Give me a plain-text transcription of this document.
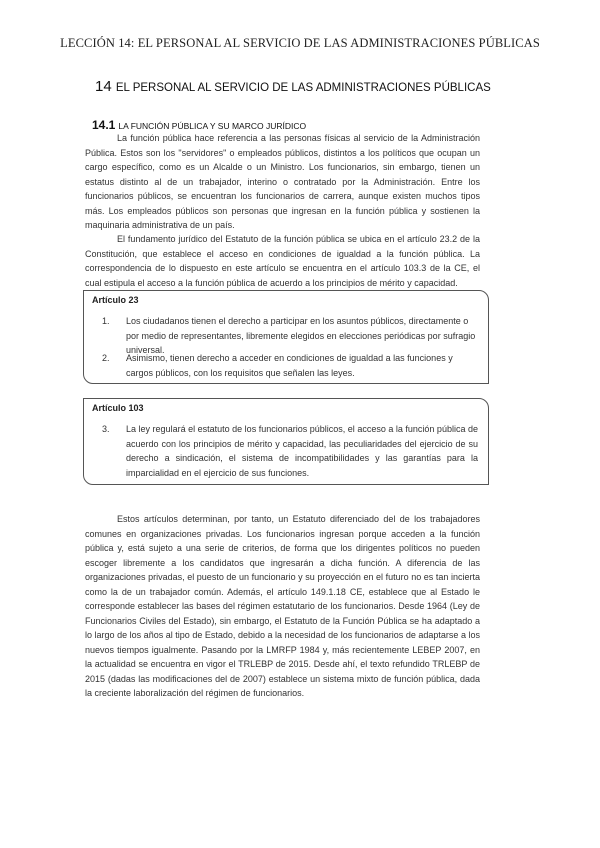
LECCIÓN 14: EL PERSONAL AL SERVICIO DE LAS ADMINISTRACIONES PÚBLICAS
14 EL PERSONAL AL SERVICIO DE LAS ADMINISTRACIONES PÚBLICAS
14.1 LA FUNCIÓN PÚBLICA Y SU MARCO JURÍDICO

La función pública hace referencia a las personas físicas al servicio de la Administración Pública. Estos son los "servidores" o empleados públicos, distintos a los políticos que ocupan un cargo específico, como es un Alcalde o un Ministro. Los funcionarios, sin embargo, tienen un estatus distinto al de un trabajador, interino o contratado por la Administración. Entre los funcionarios públicos, se encuentran los funcionarios de carrera, aunque existen muchos tipos más. Los empleados públicos son personas que ingresan en la función pública y sostienen la maquinaria administrativa de un país.

El fundamento jurídico del Estatuto de la función pública se ubica en el artículo 23.2 de la Constitución, que establece el acceso en condiciones de igualdad a la función pública. La correspondencia de lo dispuesto en este artículo se encuentra en el artículo 103.3 de la CE, el cual estipula el acceso a la función pública de acuerdo a los principios de mérito y capacidad.

Artículo 23
1.	Los ciudadanos tienen el derecho a participar en los asuntos públicos, directamente o por medio de representantes, libremente elegidos en elecciones periódicas por sufragio universal.
2.	Asimismo, tienen derecho a acceder en condiciones de igualdad a las funciones y cargos públicos, con los requisitos que señalen las leyes.
Artículo 103
3.	La ley regulará el estatuto de los funcionarios públicos, el acceso a la función pública de acuerdo con los principios de mérito y capacidad, las peculiaridades del ejercicio de su derecho a sindicación, el sistema de incompatibilidades y las garantías para la imparcialidad en el ejercicio de sus funciones.

Estos artículos determinan, por tanto, un Estatuto diferenciado del de los trabajadores comunes en organizaciones privadas. Los funcionarios ingresan porque acceden a la función pública y, está sujeto a una serie de criterios, de forma que los dirigentes políticos no pueden escoger libremente a los candidatos que ingresarán a dicha función. A diferencia de las organizaciones privadas, el puesto de un funcionario y su proyección en el futuro no es tan incierta como la de un trabajador común. Además, el artículo 149.1.18 CE, establece que al Estado le corresponde establecer las bases del régimen estatutario de los funcionarios. Desde 1964 (Ley de Funcionarios Civiles del Estado), sin embargo, el Estatuto de la Función Pública se ha adaptado a lo largo de los años al tipo de Estado, debido a la necesidad de los funcionarios de adaptarse a los nuevos tiempos igualmente. Pasando por la LMRFP 1984 y, más recientemente LEBEP 2007, en la actualidad se encuentra en vigor el TRLEBP de 2015. Desde ahí, el texto refundido TRLEBP de 2015 (dadas las modificaciones del de 2007) establece un sistema mixto de función pública, dada la creciente laboralización del régimen de funcionarios.
